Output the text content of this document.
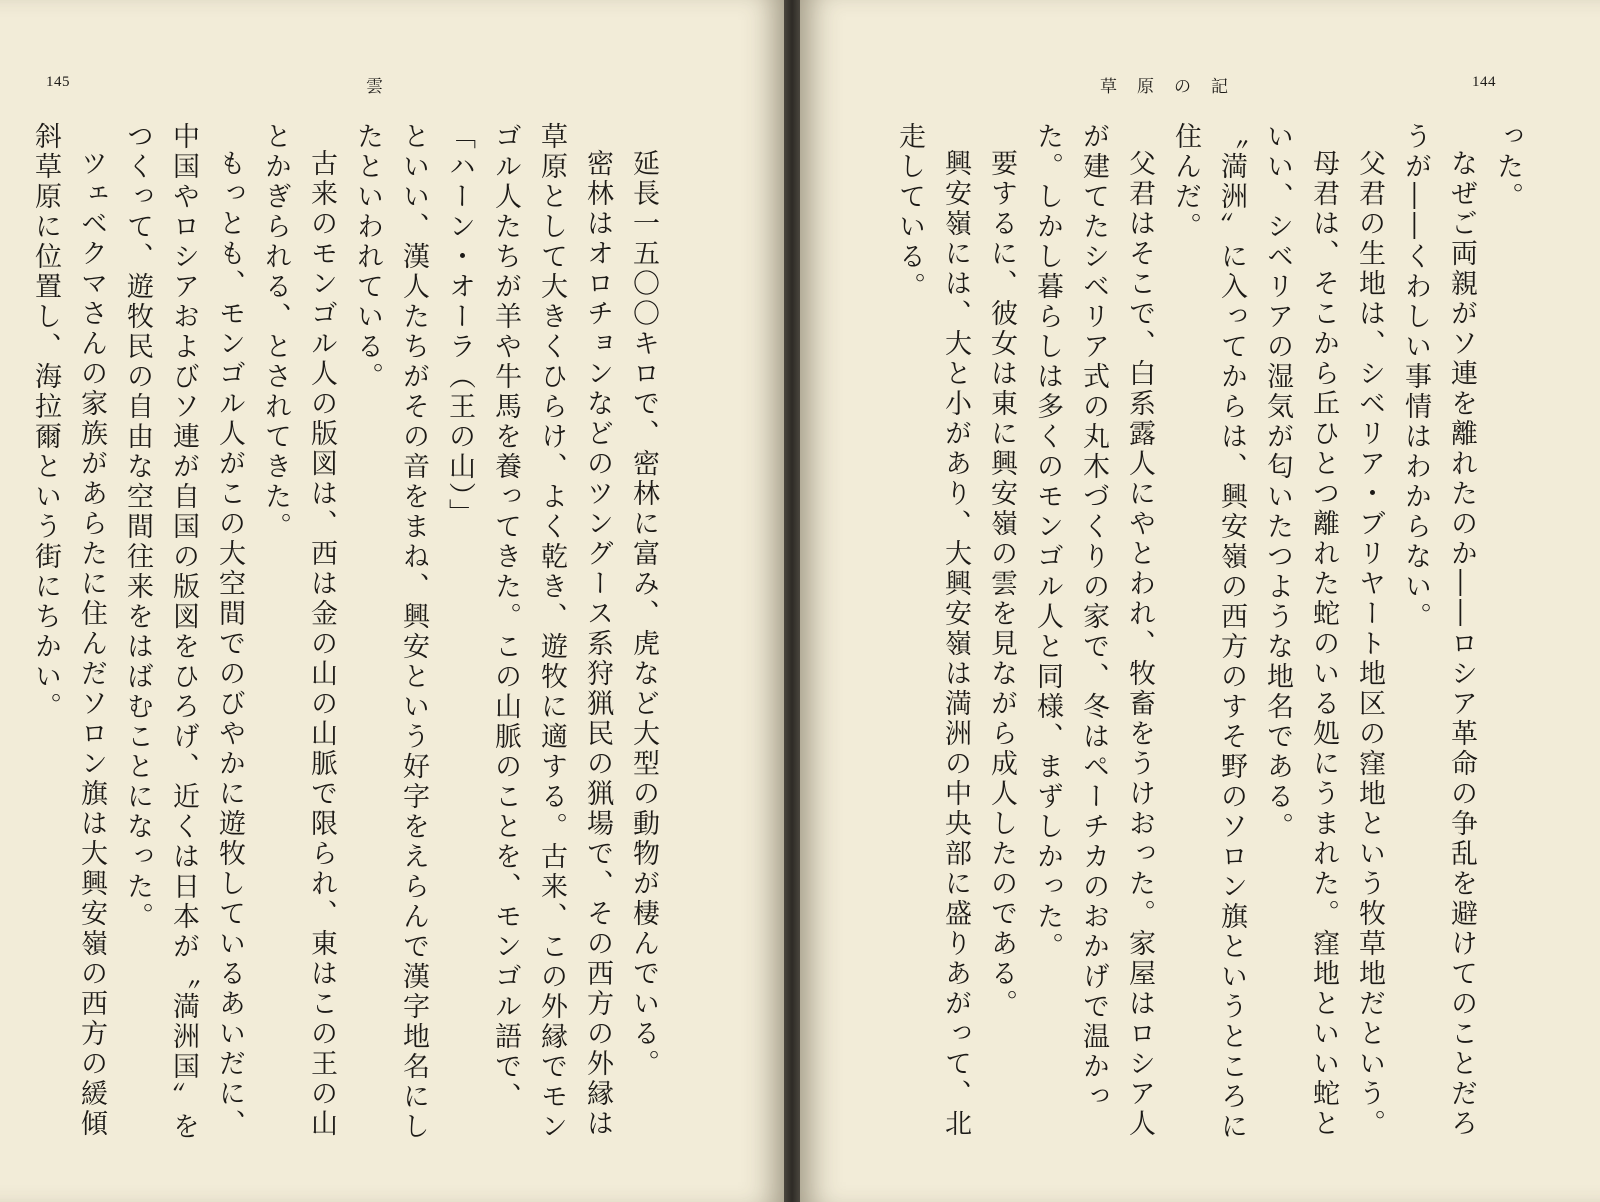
145	雲

延長一五〇〇キロで、密林に富み、虎など大型の動物が棲んでいる。

密林はオロチョンなどのツングース系狩猟民の猟場で、その西方の外縁は草原として大きくひらけ、よく乾き、遊牧に適する。古来、この外縁でモンゴル人たちが羊や牛馬を養ってきた。この山脈のことを、モンゴル語で、

「ハーン・オーラ（王の山）」

といい、漢人たちがその音をまね、興安という好字をえらんで漢字地名にしたといわれている。

古来のモンゴル人の版図は、西は金の山の山脈で限られ、東はこの王の山とかぎられる、とされてきた。

もっとも、モンゴル人がこの大空間でのびやかに遊牧しているあいだに、中国やロシアおよびソ連が自国の版図をひろげ、近くは日本が〝満洲国〟をつくって、遊牧民の自由な空間往来をはばむことになった。

ツェベクマさんの家族があらたに住んだソロン旗は大興安嶺の西方の緩傾斜草原に位置し、海拉爾という街にちかい。

草原の記	144

った。

なぜご両親がソ連を離れたのか――ロシア革命の争乱を避けてのことだろうが――くわしい事情はわからない。

父君の生地は、シベリア・ブリヤート地区の窪地という牧草地だという。

母君は、そこから丘ひとつ離れた蛇のいる処にうまれた。窪地といい蛇といい、シベリアの湿気が匂いたつような地名である。

〝満洲〟に入ってからは、興安嶺の西方のすそ野のソロン旗というところに住んだ。

父君はそこで、白系露人にやとわれ、牧畜をうけおった。家屋はロシア人が建てたシベリア式の丸木づくりの家で、冬はペーチカのおかげで温かった。しかし暮らしは多くのモンゴル人と同様、まずしかった。

要するに、彼女は東に興安嶺の雲を見ながら成人したのである。

興安嶺には、大と小があり、大興安嶺は満洲の中央部に盛りあがって、北走している。
